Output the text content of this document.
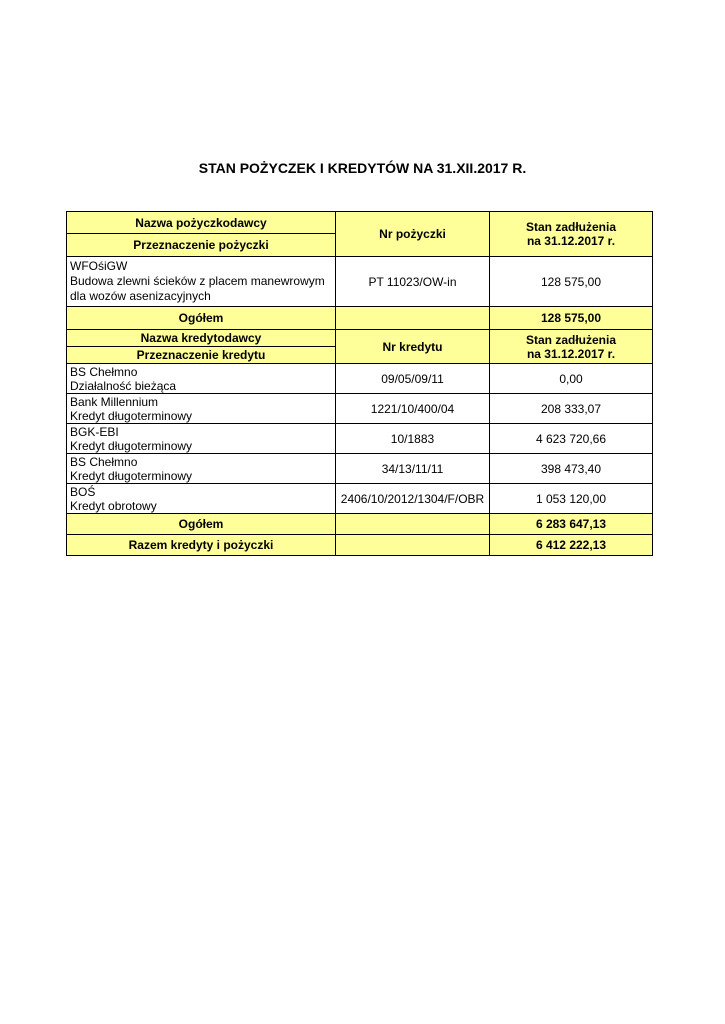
STAN POŻYCZEK I KREDYTÓW NA 31.XII.2017 R.
Nazwa pożyczkodawcy	Nr pożyczki	Stan zadłużenia
na 31.12.2017 r.

Przeznaczenie pożyczki		

WFOśiGW
Budowa zlewni ścieków z placem manewrowym
dla wozów asenizacyjnych	PT 11023/OW-in	128 575,00
Ogółem		128 575,00
Nazwa kredytodawcy	Nr kredytu	Stan zadłużenia
na 31.12.2017 r.

Przeznaczenie kredytu		

BS Chełmno
Działalność bieżąca	09/05/09/11	0,00

Bank Millennium
Kredyt długoterminowy	1221/10/400/04	208 333,07

BGK-EBI
Kredyt długoterminowy	10/1883	4 623 720,66

BS Chełmno
Kredyt długoterminowy	34/13/11/11	398 473,40

BOŚ
Kredyt obrotowy	2406/10/2012/1304/F/OBR	1 053 120,00
Ogółem		6 283 647,13
Razem kredyty i pożyczki		6 412 222,13
